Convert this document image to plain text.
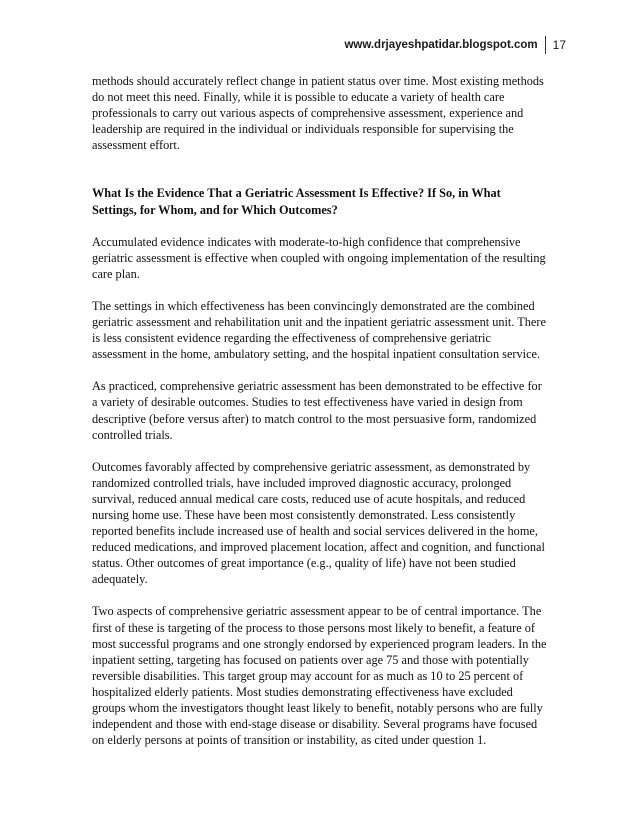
www.drjayeshpatidar.blogspot.com	17

methods should accurately reflect change in patient status over time. Most existing methods do not meet this need. Finally, while it is possible to educate a variety of health care professionals to carry out various aspects of comprehensive assessment, experience and leadership are required in the individual or individuals responsible for supervising the assessment effort.

What Is the Evidence That a Geriatric Assessment Is Effective? If So, in What Settings, for Whom, and for Which Outcomes?

Accumulated evidence indicates with moderate-to-high confidence that comprehensive geriatric assessment is effective when coupled with ongoing implementation of the resulting care plan.

The settings in which effectiveness has been convincingly demonstrated are the combined geriatric assessment and rehabilitation unit and the inpatient geriatric assessment unit. There is less consistent evidence regarding the effectiveness of comprehensive geriatric assessment in the home, ambulatory setting, and the hospital inpatient consultation service.

As practiced, comprehensive geriatric assessment has been demonstrated to be effective for a variety of desirable outcomes. Studies to test effectiveness have varied in design from descriptive (before versus after) to match control to the most persuasive form, randomized controlled trials.

Outcomes favorably affected by comprehensive geriatric assessment, as demonstrated by randomized controlled trials, have included improved diagnostic accuracy, prolonged survival, reduced annual medical care costs, reduced use of acute hospitals, and reduced nursing home use. These have been most consistently demonstrated. Less consistently reported benefits include increased use of health and social services delivered in the home, reduced medications, and improved placement location, affect and cognition, and functional status. Other outcomes of great importance (e.g., quality of life) have not been studied adequately.

Two aspects of comprehensive geriatric assessment appear to be of central importance. The first of these is targeting of the process to those persons most likely to benefit, a feature of most successful programs and one strongly endorsed by experienced program leaders. In the inpatient setting, targeting has focused on patients over age 75 and those with potentially reversible disabilities. This target group may account for as much as 10 to 25 percent of hospitalized elderly patients. Most studies demonstrating effectiveness have excluded groups whom the investigators thought least likely to benefit, notably persons who are fully independent and those with end-stage disease or disability. Several programs have focused on elderly persons at points of transition or instability, as cited under question 1.
